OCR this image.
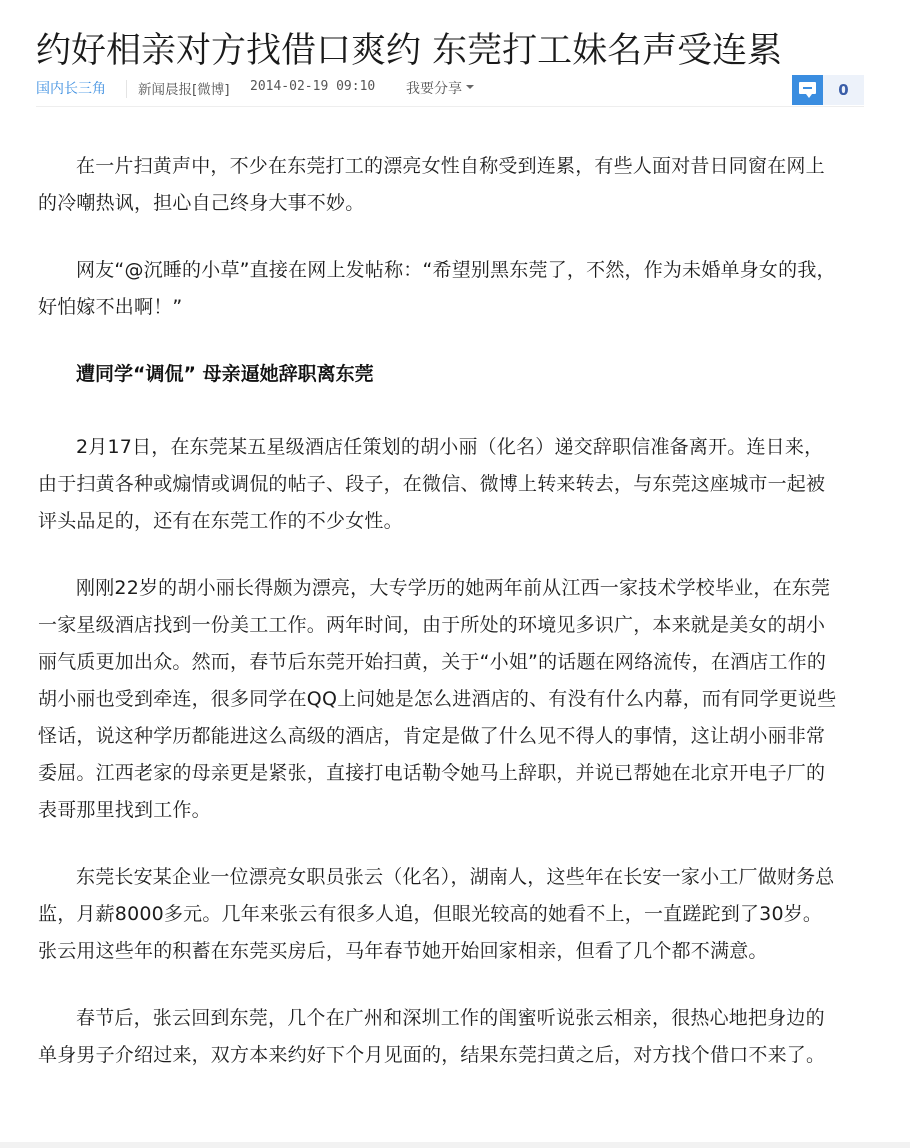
约好相亲对方找借口爽约 东莞打工妹名声受连累
国内长三角 新闻晨报[微博] 2014-02-19 09:10 我要分享	0

在一片扫黄声中，不少在东莞打工的漂亮女性自称受到连累，有些人面对昔日同窗在网上的冷嘲热讽，担心自己终身大事不妙。

网友“@沉睡的小草”直接在网上发帖称：“希望别黑东莞了，不然，作为未婚单身女的我，好怕嫁不出啊！”

遭同学“调侃” 母亲逼她辞职离东莞

2月17日，在东莞某五星级酒店任策划的胡小丽（化名）递交辞职信准备离开。连日来，由于扫黄各种或煽情或调侃的帖子、段子，在微信、微博上转来转去，与东莞这座城市一起被评头品足的，还有在东莞工作的不少女性。

刚刚22岁的胡小丽长得颇为漂亮，大专学历的她两年前从江西一家技术学校毕业，在东莞一家星级酒店找到一份美工工作。两年时间，由于所处的环境见多识广，本来就是美女的胡小丽气质更加出众。然而，春节后东莞开始扫黄，关于“小姐”的话题在网络流传，在酒店工作的胡小丽也受到牵连，很多同学在QQ上问她是怎么进酒店的、有没有什么内幕，而有同学更说些怪话，说这种学历都能进这么高级的酒店，肯定是做了什么见不得人的事情，这让胡小丽非常委屈。江西老家的母亲更是紧张，直接打电话勒令她马上辞职，并说已帮她在北京开电子厂的表哥那里找到工作。

东莞长安某企业一位漂亮女职员张云（化名），湖南人，这些年在长安一家小工厂做财务总监，月薪8000多元。几年来张云有很多人追，但眼光较高的她看不上，一直蹉跎到了30岁。张云用这些年的积蓄在东莞买房后，马年春节她开始回家相亲，但看了几个都不满意。

春节后，张云回到东莞，几个在广州和深圳工作的闺蜜听说张云相亲，很热心地把身边的单身男子介绍过来，双方本来约好下个月见面的，结果东莞扫黄之后，对方找个借口不来了。
